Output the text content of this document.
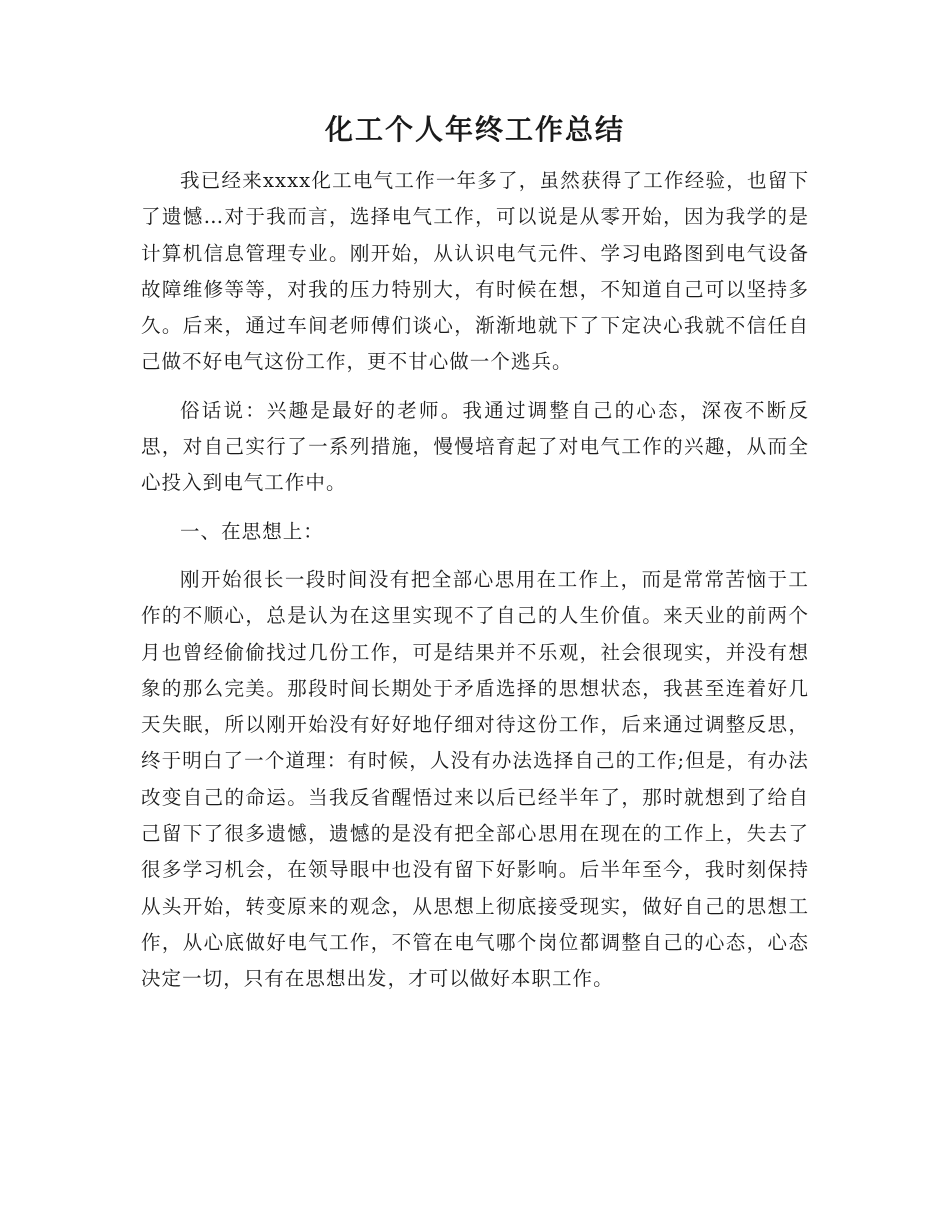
化工个人年终工作总结

我已经来xxxx化工电气工作一年多了，虽然获得了工作经验，也留下了遗憾…对于我而言，选择电气工作，可以说是从零开始，因为我学的是计算机信息管理专业。刚开始，从认识电气元件、学习电路图到电气设备故障维修等等，对我的压力特别大，有时候在想，不知道自己可以坚持多久。后来，通过车间老师傅们谈心，渐渐地就下了下定决心我就不信任自己做不好电气这份工作，更不甘心做一个逃兵。

俗话说：兴趣是最好的老师。我通过调整自己的心态，深夜不断反思，对自己实行了一系列措施，慢慢培育起了对电气工作的兴趣，从而全心投入到电气工作中。

一、在思想上：

刚开始很长一段时间没有把全部心思用在工作上，而是常常苦恼于工作的不顺心，总是认为在这里实现不了自己的人生价值。来天业的前两个月也曾经偷偷找过几份工作，可是结果并不乐观，社会很现实，并没有想象的那么完美。那段时间长期处于矛盾选择的思想状态，我甚至连着好几天失眠，所以刚开始没有好好地仔细对待这份工作，后来通过调整反思，终于明白了一个道理：有时候，人没有办法选择自己的工作;但是，有办法改变自己的命运。当我反省醒悟过来以后已经半年了，那时就想到了给自己留下了很多遗憾，遗憾的是没有把全部心思用在现在的工作上，失去了很多学习机会，在领导眼中也没有留下好影响。后半年至今，我时刻保持从头开始，转变原来的观念，从思想上彻底接受现实，做好自己的思想工作，从心底做好电气工作，不管在电气哪个岗位都调整自己的心态，心态决定一切，只有在思想出发，才可以做好本职工作。
